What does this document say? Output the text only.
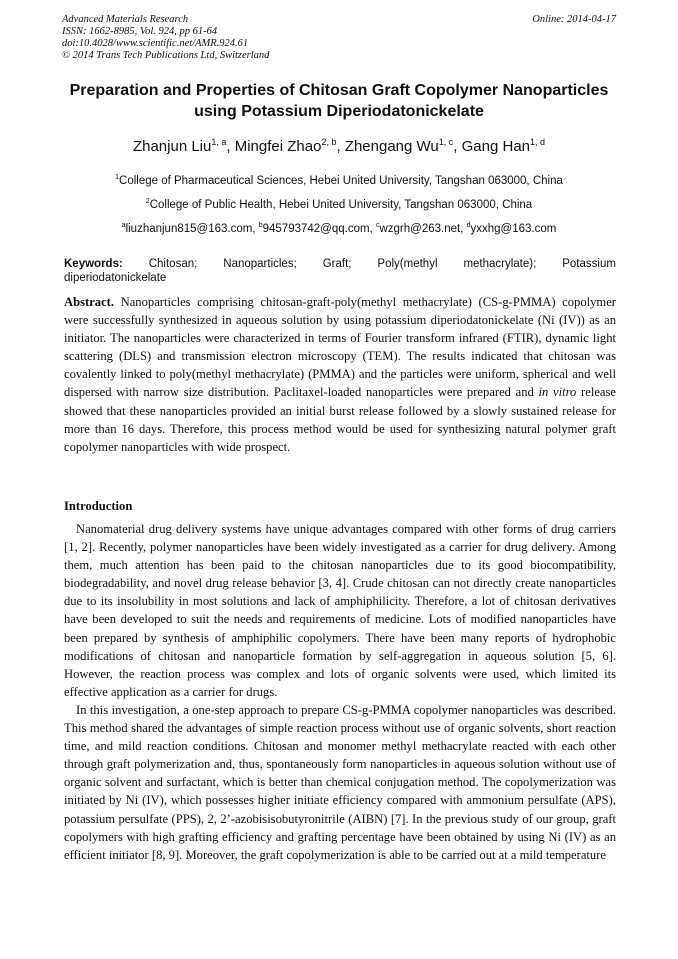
Advanced Materials Research
ISSN: 1662-8985, Vol. 924, pp 61-64
doi:10.4028/www.scientific.net/AMR.924.61
© 2014 Trans Tech Publications Ltd, Switzerland
Online: 2014-04-17
Preparation and Properties of Chitosan Graft Copolymer Nanoparticles
using Potassium Diperiodatonickelate
Zhanjun Liu$^{1, a}$, Mingfei Zhao$^{2, b}$, Zhengang Wu$^{1, c}$, Gang Han$^{1, d}$
$^1$College of Pharmaceutical Sciences, Hebei United University, Tangshan 063000, China
$^2$College of Public Health, Hebei United University, Tangshan 063000, China
$^a$liuzhanjun815@163.com, $^b$945793742@qq.com, $^c$wzgrh@263.net, $^d$yxxhg@163.com
Keywords: Chitosan; Nanoparticles; Graft; Poly(methyl methacrylate); Potassium
diperiodatonickelate
Abstract. Nanoparticles comprising chitosan-graft-poly(methyl methacrylate) (CS-g-PMMA) copolymer were successfully synthesized in aqueous solution by using potassium diperiodatonickelate (Ni (IV)) as an initiator. The nanoparticles were characterized in terms of Fourier transform infrared (FTIR), dynamic light scattering (DLS) and transmission electron microscopy (TEM). The results indicated that chitosan was covalently linked to poly(methyl methacrylate) (PMMA) and the particles were uniform, spherical and well dispersed with narrow size distribution. Paclitaxel-loaded nanoparticles were prepared and in vitro release showed that these nanoparticles provided an initial burst release followed by a slowly sustained release for more than 16 days. Therefore, this process method would be used for synthesizing natural polymer graft copolymer nanoparticles with wide prospect.
Introduction

Nanomaterial drug delivery systems have unique advantages compared with other forms of drug carriers [1, 2]. Recently, polymer nanoparticles have been widely investigated as a carrier for drug delivery. Among them, much attention has been paid to the chitosan nanoparticles due to its good biocompatibility, biodegradability, and novel drug release behavior [3, 4]. Crude chitosan can not directly create nanoparticles due to its insolubility in most solutions and lack of amphiphilicity. Therefore, a lot of chitosan derivatives have been developed to suit the needs and requirements of medicine. Lots of modified nanoparticles have been prepared by synthesis of amphiphilic copolymers. There have been many reports of hydrophobic modifications of chitosan and nanoparticle formation by self-aggregation in aqueous solution [5, 6]. However, the reaction process was complex and lots of organic solvents were used, which limited its effective application as a carrier for drugs.

In this investigation, a one-step approach to prepare CS-g-PMMA copolymer nanoparticles was described. This method shared the advantages of simple reaction process without use of organic solvents, short reaction time, and mild reaction conditions. Chitosan and monomer methyl methacrylate reacted with each other through graft polymerization and, thus, spontaneously form nanoparticles in aqueous solution without use of organic solvent and surfactant, which is better than chemical conjugation method. The copolymerization was initiated by Ni (IV), which possesses higher initiate efficiency compared with ammonium persulfate (APS), potassium persulfate (PPS), 2, 2’-azobisisobutyronitrile (AIBN) [7]. In the previous study of our group, graft copolymers with high grafting efficiency and grafting percentage have been obtained by using Ni (IV) as an efficient initiator [8, 9]. Moreover, the graft copolymerization is able to be carried out at a mild temperature
